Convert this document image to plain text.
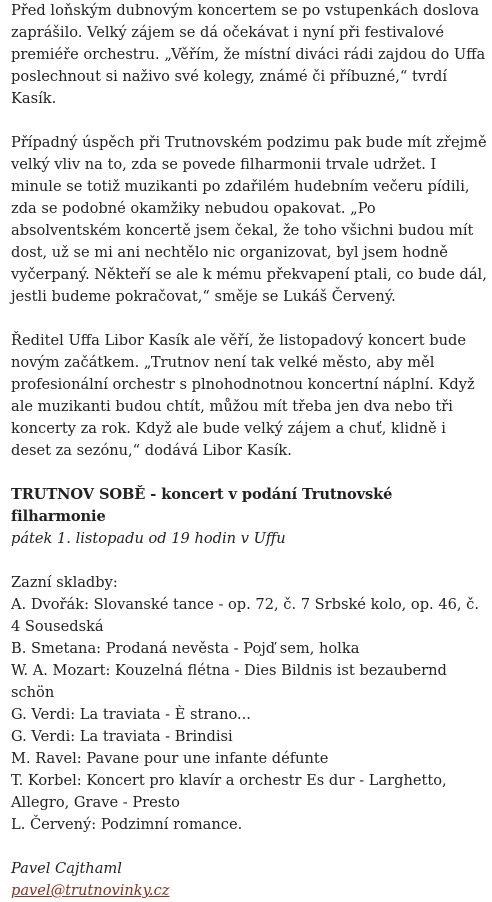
Před loňským dubnovým koncertem se po vstupenkách doslova zaprášilo. Velký zájem se dá očekávat i nyní při festivalové premiéře orchestru. „Věřím, že místní diváci rádi zajdou do Uffa poslechnout si naživo své kolegy, známé či příbuzné,“ tvrdí Kasík.

Případný úspěch při Trutnovském podzimu pak bude mít zřejmě velký vliv na to, zda se povede filharmonii trvale udržet. I minule se totiž muzikanti po zdařilém hudebním večeru pídili, zda se podobné okamžiky nebudou opakovat. „Po absolventském koncertě jsem čekal, že toho všichni budou mít dost, už se mi ani nechtělo nic organizovat, byl jsem hodně vyčerpaný. Někteří se ale k mému překvapení ptali, co bude dál, jestli budeme pokračovat,“ směje se Lukáš Červený.

Ředitel Uffa Libor Kasík ale věří, že listopadový koncert bude novým začátkem. „Trutnov není tak velké město, aby měl profesionální orchestr s plnohodnotnou koncertní náplní. Když ale muzikanti budou chtít, můžou mít třeba jen dva nebo tři koncerty za rok. Když ale bude velký zájem a chuť, klidně i deset za sezónu,“ dodává Libor Kasík.

TRUTNOV SOBĚ - koncert v podání Trutnovské filharmonie
pátek 1. listopadu od 19 hodin v Uffu
Zazní skladby:
A. Dvořák: Slovanské tance - op. 72, č. 7 Srbské kolo, op. 46, č. 4 Sousedská
B. Smetana: Prodaná nevěsta - Pojď sem, holka
W. A. Mozart: Kouzelná flétna - Dies Bildnis ist bezaubernd schön
G. Verdi: La traviata - È strano...
G. Verdi: La traviata - Brindisi
M. Ravel: Pavane pour une infante défunte
T. Korbel: Koncert pro klavír a orchestr Es dur - Larghetto, Allegro, Grave - Presto
L. Červený: Podzimní romance.
Pavel Cajthaml
pavel@trutnovinky.cz
